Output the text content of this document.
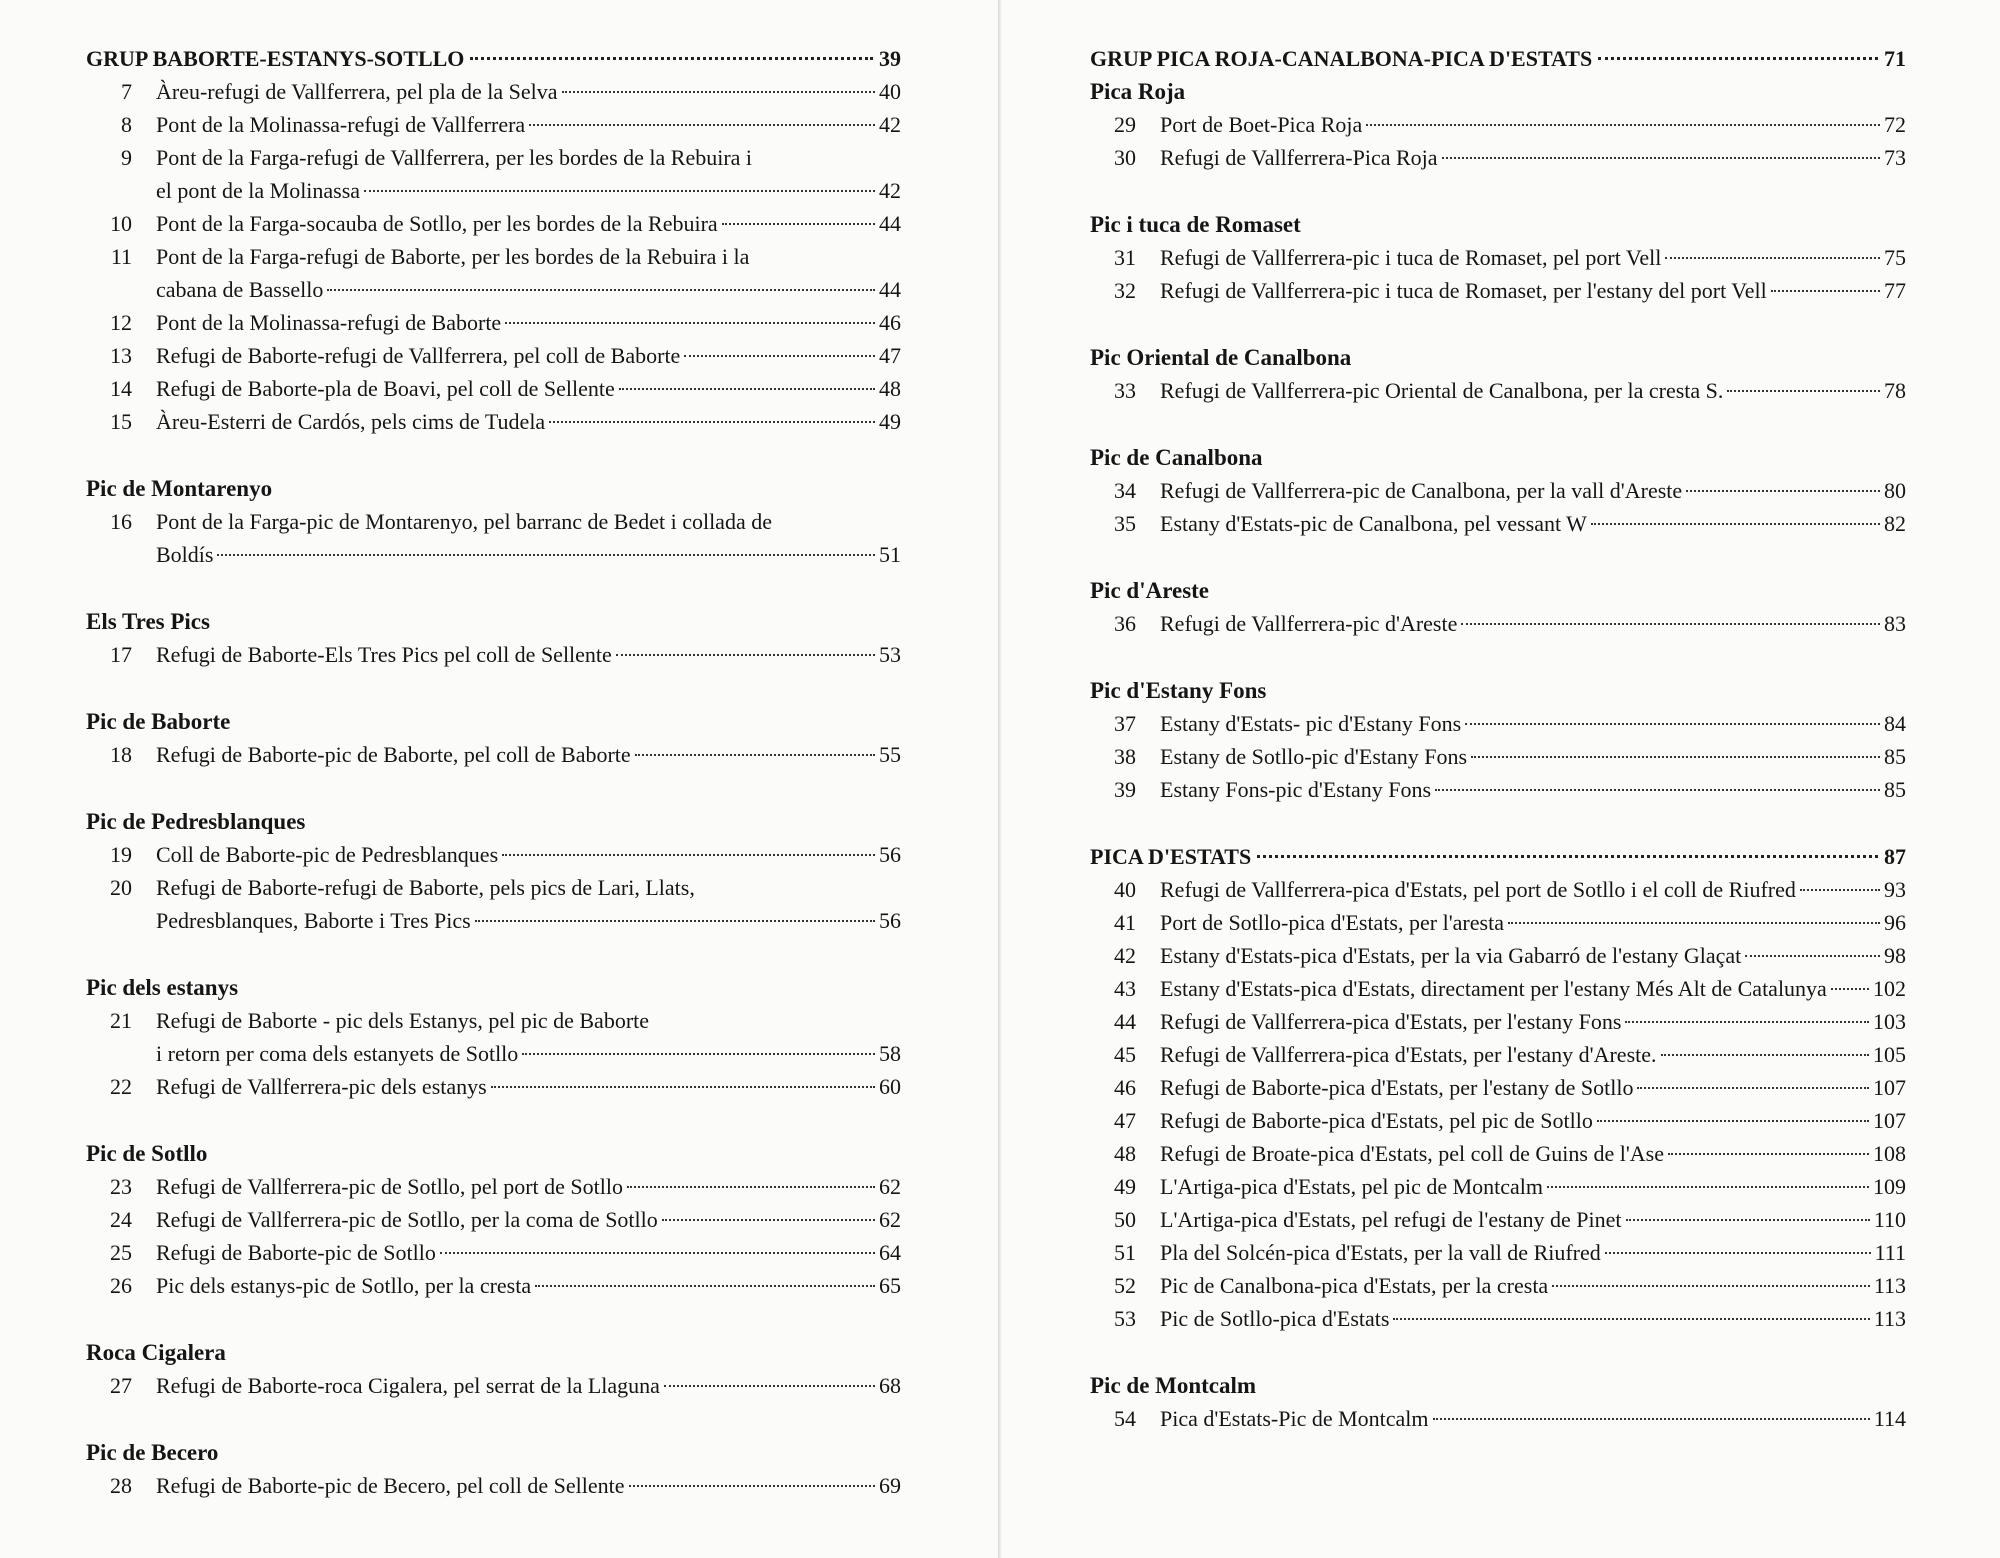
GRUP BABORTE-ESTANYS-SOTLLO	39
7	Àreu-refugi de Vallferrera, pel pla de la Selva	40
8	Pont de la Molinassa-refugi de Vallferrera	42
9	Pont de la Farga-refugi de Vallferrera, per les bordes de la Rebuira i
el pont de la Molinassa	42
10	Pont de la Farga-socauba de Sotllo, per les bordes de la Rebuira	44
11	Pont de la Farga-refugi de Baborte, per les bordes de la Rebuira i la
cabana de Bassello	44
12	Pont de la Molinassa-refugi de Baborte	46
13	Refugi de Baborte-refugi de Vallferrera, pel coll de Baborte	47
14	Refugi de Baborte-pla de Boavi, pel coll de Sellente	48
15	Àreu-Esterri de Cardós, pels cims de Tudela	49
Pic de Montarenyo
16	Pont de la Farga-pic de Montarenyo, pel barranc de Bedet i collada de
Boldís	51
Els Tres Pics
17	Refugi de Baborte-Els Tres Pics pel coll de Sellente	53
Pic de Baborte
18	Refugi de Baborte-pic de Baborte, pel coll de Baborte	55
Pic de Pedresblanques
19	Coll de Baborte-pic de Pedresblanques	56
20	Refugi de Baborte-refugi de Baborte, pels pics de Lari, Llats,
Pedresblanques, Baborte i Tres Pics	56
Pic dels estanys
21	Refugi de Baborte - pic dels Estanys, pel pic de Baborte
i retorn per coma dels estanyets de Sotllo	58
22	Refugi de Vallferrera-pic dels estanys	60
Pic de Sotllo
23	Refugi de Vallferrera-pic de Sotllo, pel port de Sotllo	62
24	Refugi de Vallferrera-pic de Sotllo, per la coma de Sotllo	62
25	Refugi de Baborte-pic de Sotllo	64
26	Pic dels estanys-pic de Sotllo, per la cresta	65
Roca Cigalera
27	Refugi de Baborte-roca Cigalera, pel serrat de la Llaguna	68
Pic de Becero
28	Refugi de Baborte-pic de Becero, pel coll de Sellente	69
GRUP PICA ROJA-CANALBONA-PICA D'ESTATS	71
Pica Roja
29	Port de Boet-Pica Roja	72
30	Refugi de Vallferrera-Pica Roja	73
Pic i tuca de Romaset
31	Refugi de Vallferrera-pic i tuca de Romaset, pel port Vell	75
32	Refugi de Vallferrera-pic i tuca de Romaset, per l'estany del port Vell	77
Pic Oriental de Canalbona
33	Refugi de Vallferrera-pic Oriental de Canalbona, per la cresta S.	78
Pic de Canalbona
34	Refugi de Vallferrera-pic de Canalbona, per la vall d'Areste	80
35	Estany d'Estats-pic de Canalbona, pel vessant W	82
Pic d'Areste
36	Refugi de Vallferrera-pic d'Areste	83
Pic d'Estany Fons
37	Estany d'Estats- pic d'Estany Fons	84
38	Estany de Sotllo-pic d'Estany Fons	85
39	Estany Fons-pic d'Estany Fons	85
PICA D'ESTATS	87
40	Refugi de Vallferrera-pica d'Estats, pel port de Sotllo i el coll de Riufred	93
41	Port de Sotllo-pica d'Estats, per l'aresta	96
42	Estany d'Estats-pica d'Estats, per la via Gabarró de l'estany Glaçat	98
43	Estany d'Estats-pica d'Estats, directament per l'estany Més Alt de Catalunya 102
44	Refugi de Vallferrera-pica d'Estats, per l'estany Fons	103
45	Refugi de Vallferrera-pica d'Estats, per l'estany d'Areste.	105
46	Refugi de Baborte-pica d'Estats, per l'estany de Sotllo	107
47	Refugi de Baborte-pica d'Estats, pel pic de Sotllo	107
48	Refugi de Broate-pica d'Estats, pel coll de Guins de l'Ase	108
49	L'Artiga-pica d'Estats, pel pic de Montcalm	109
50	L'Artiga-pica d'Estats, pel refugi de l'estany de Pinet	110
51	Pla del Solcén-pica d'Estats, per la vall de Riufred	111
52	Pic de Canalbona-pica d'Estats, per la cresta	113
53	Pic de Sotllo-pica d'Estats	113
Pic de Montcalm
54	Pica d'Estats-Pic de Montcalm	114
